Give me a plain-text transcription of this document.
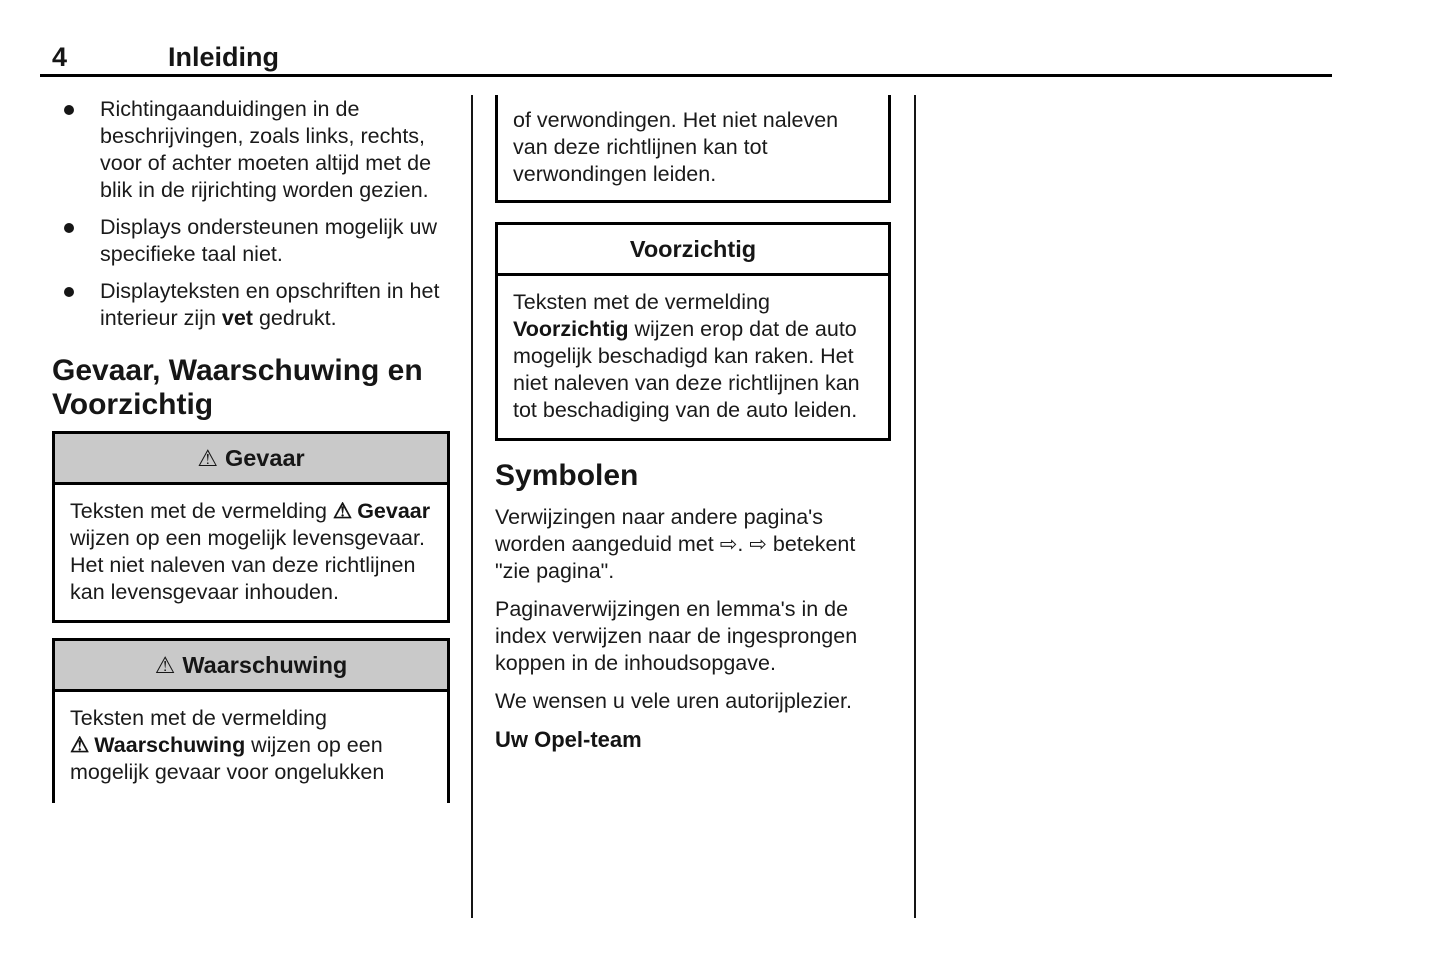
4	Inleiding
Richtingaanduidingen in de beschrijvingen, zoals links, rechts, voor of achter moeten altijd met de blik in de rijrichting worden gezien.
Displays ondersteunen mogelijk uw specifieke taal niet.
Displayteksten en opschriften in het interieur zijn vet gedrukt.
Gevaar, Waarschuwing en Voorzichtig
⚠ Gevaar
Teksten met de vermelding ⚠ Gevaar wijzen op een mogelijk levensgevaar. Het niet naleven van deze richtlijnen kan levensgevaar inhouden.
⚠ Waarschuwing
Teksten met de vermelding ⚠ Waarschuwing wijzen op een mogelijk gevaar voor ongelukken
of verwondingen. Het niet naleven van deze richtlijnen kan tot verwondingen leiden.
Voorzichtig
Teksten met de vermelding Voorzichtig wijzen erop dat de auto mogelijk beschadigd kan raken. Het niet naleven van deze richtlijnen kan tot beschadiging van de auto leiden.
Symbolen

Verwijzingen naar andere pagina's worden aangeduid met ⇨. ⇨ betekent "zie pagina".

Paginaverwijzingen en lemma's in de index verwijzen naar de ingesprongen koppen in de inhoudsopgave.

We wensen u vele uren autorijplezier.

Uw Opel-team
